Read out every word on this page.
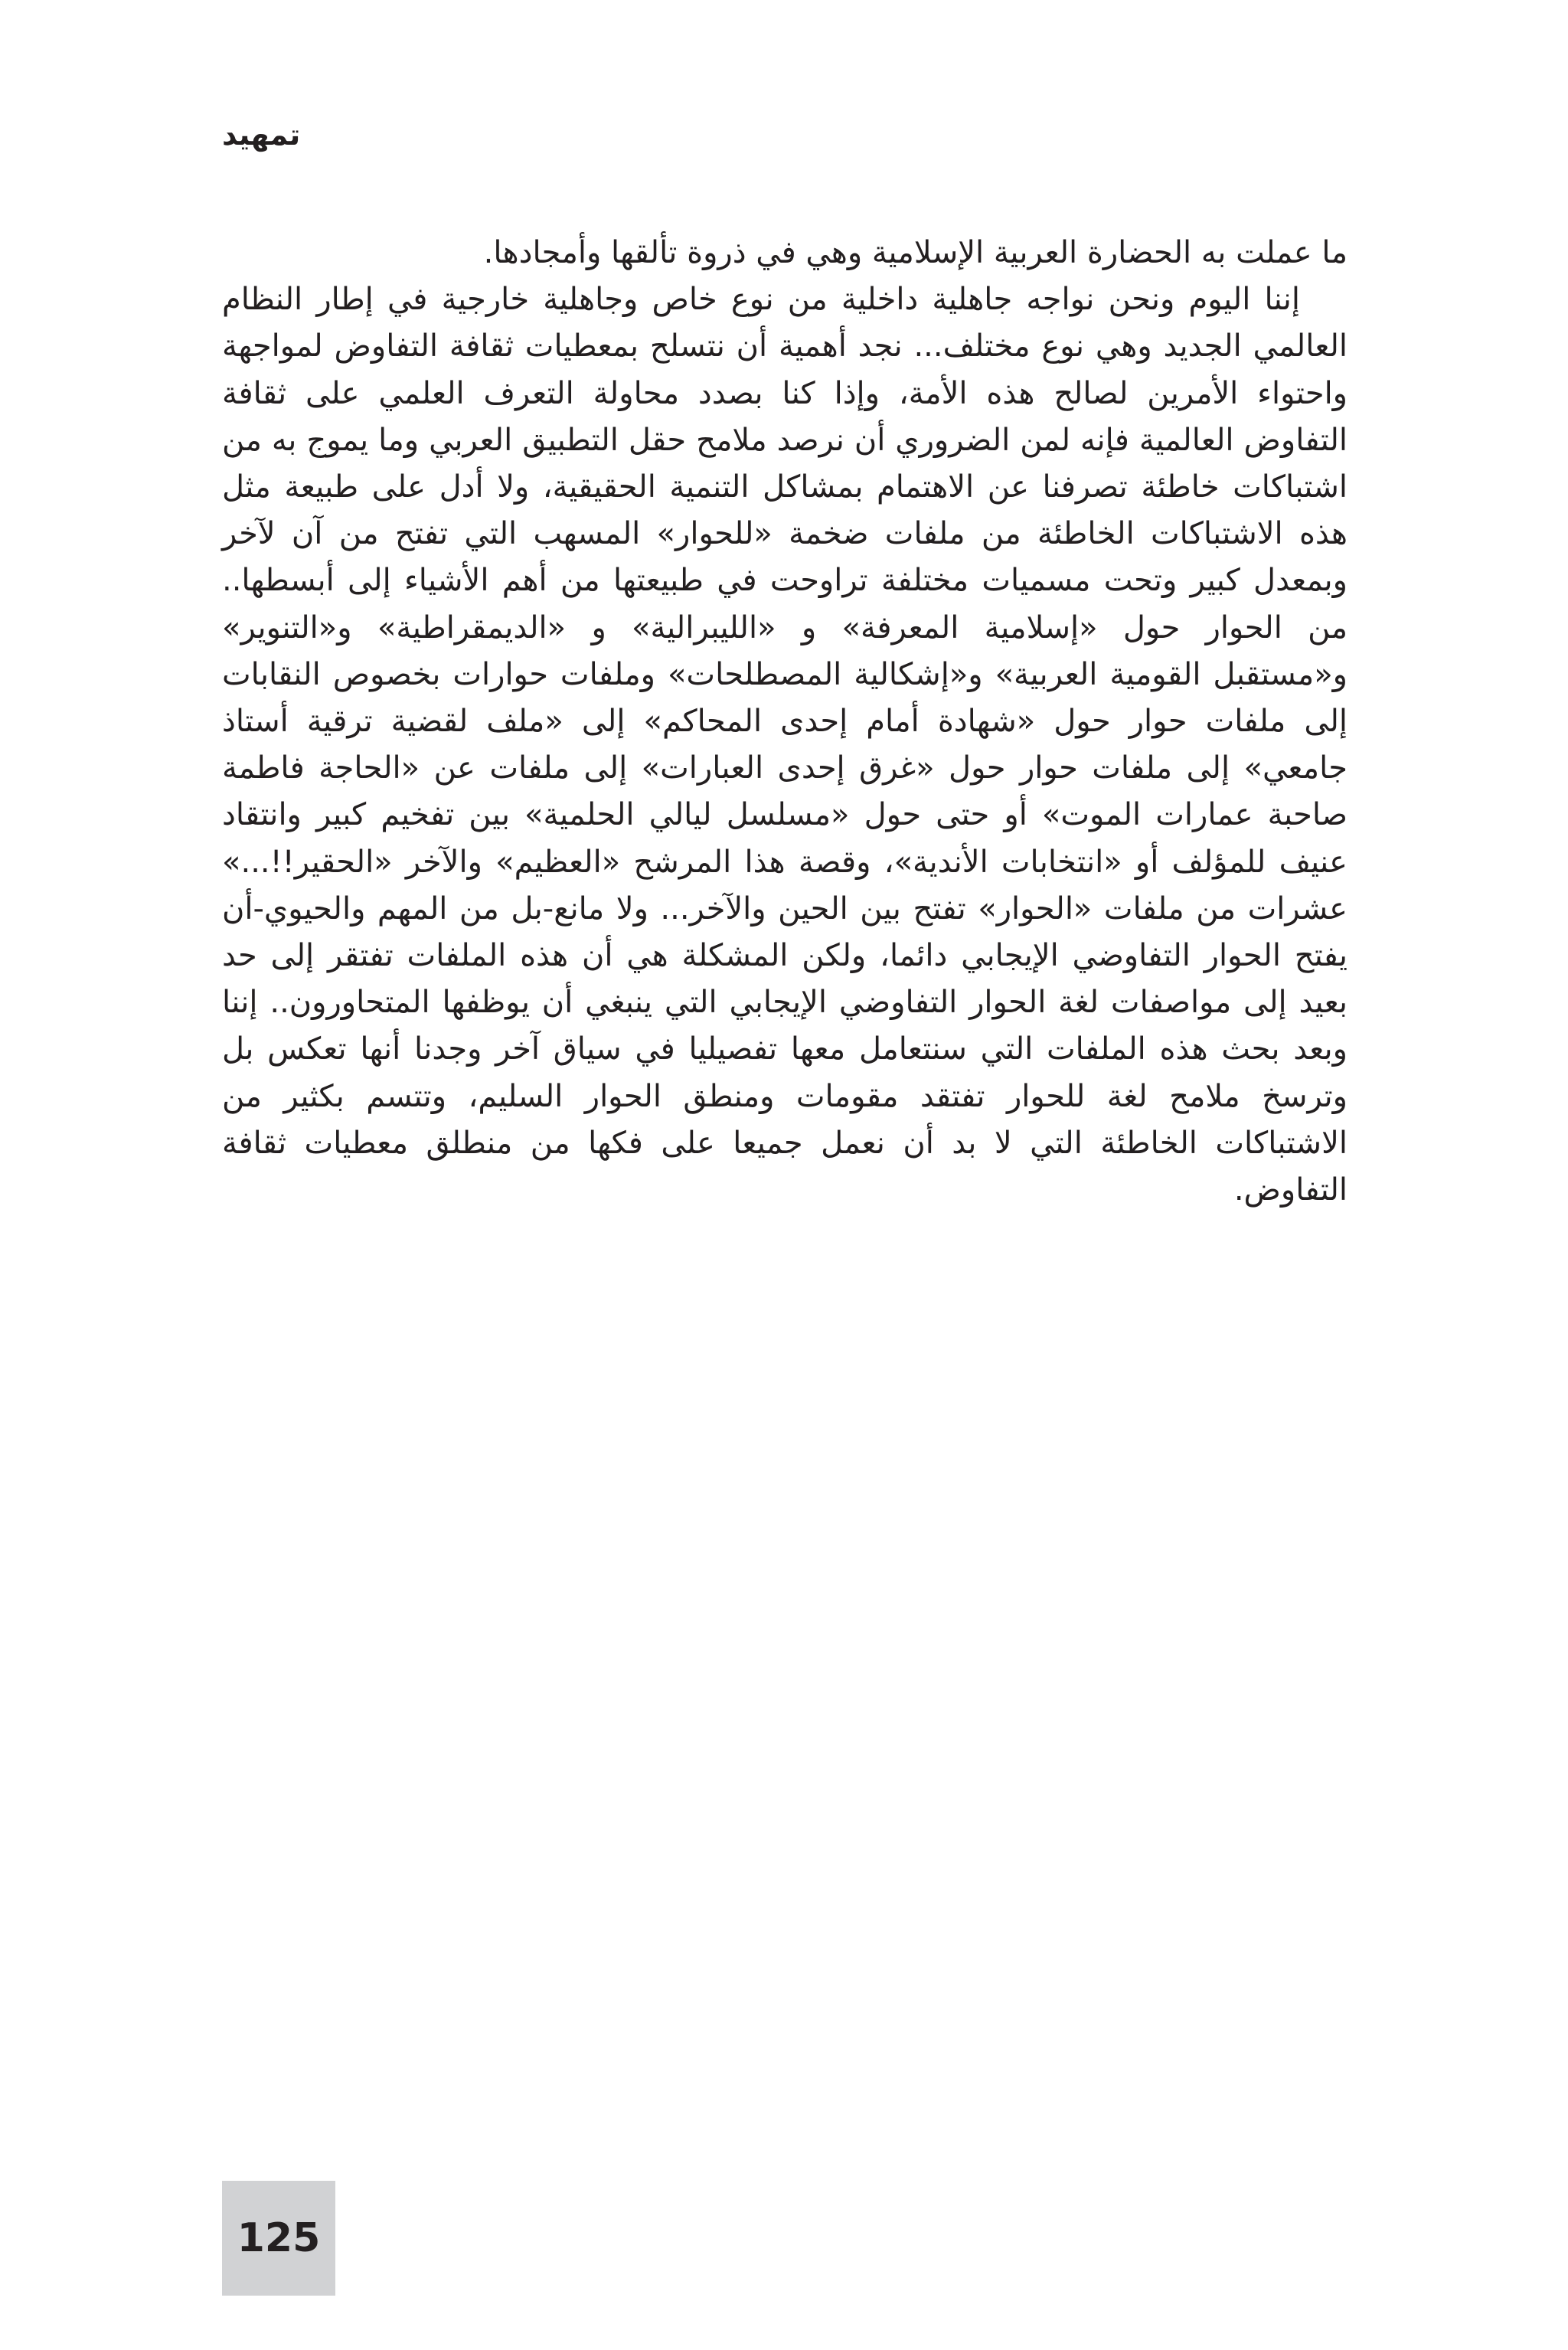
تمهيد

ما عملت به الحضارة العربية الإسلامية وهي في ذروة تألقها وأمجادها.

إننا اليوم ونحن نواجه جاهلية داخلية من نوع خاص وجاهلية خارجية في إطار النظام العالمي الجديد وهي نوع مختلف... نجد أهمية أن نتسلح بمعطيات ثقافة التفاوض لمواجهة واحتواء الأمرين لصالح هذه الأمة، وإذا كنا بصدد محاولة التعرف العلمي على ثقافة التفاوض العالمية فإنه لمن الضروري أن نرصد ملامح حقل التطبيق العربي وما يموج به من اشتباكات خاطئة تصرفنا عن الاهتمام بمشاكل التنمية الحقيقية، ولا أدل على طبيعة مثل هذه الاشتباكات الخاطئة من ملفات ضخمة «للحوار» المسهب التي تفتح من آن لآخر وبمعدل كبير وتحت مسميات مختلفة تراوحت في طبيعتها من أهم الأشياء إلى أبسطها.. من الحوار حول «إسلامية المعرفة» و «الليبرالية» و «الديمقراطية» و«التنوير» و«مستقبل القومية العربية» و«إشكالية المصطلحات» وملفات حوارات بخصوص النقابات إلى ملفات حوار حول «شهادة أمام إحدى المحاكم» إلى «ملف لقضية ترقية أستاذ جامعي» إلى ملفات حوار حول «غرق إحدى العبارات» إلى ملفات عن «الحاجة فاطمة صاحبة عمارات الموت» أو حتى حول «مسلسل ليالي الحلمية» بين تفخيم كبير وانتقاد عنيف للمؤلف أو «انتخابات الأندية»، وقصة هذا المرشح «العظيم» والآخر «الحقير!!...» عشرات من ملفات «الحوار» تفتح بين الحين والآخر... ولا مانع-بل من المهم والحيوي-أن يفتح الحوار التفاوضي الإيجابي دائما، ولكن المشكلة هي أن هذه الملفات تفتقر إلى حد بعيد إلى مواصفات لغة الحوار التفاوضي الإيجابي التي ينبغي أن يوظفها المتحاورون.. إننا وبعد بحث هذه الملفات التي سنتعامل معها تفصيليا في سياق آخر وجدنا أنها تعكس بل وترسخ ملامح لغة للحوار تفتقد مقومات ومنطق الحوار السليم، وتتسم بكثير من الاشتباكات الخاطئة التي لا بد أن نعمل جميعا على فكها من منطلق معطيات ثقافة التفاوض.

125
